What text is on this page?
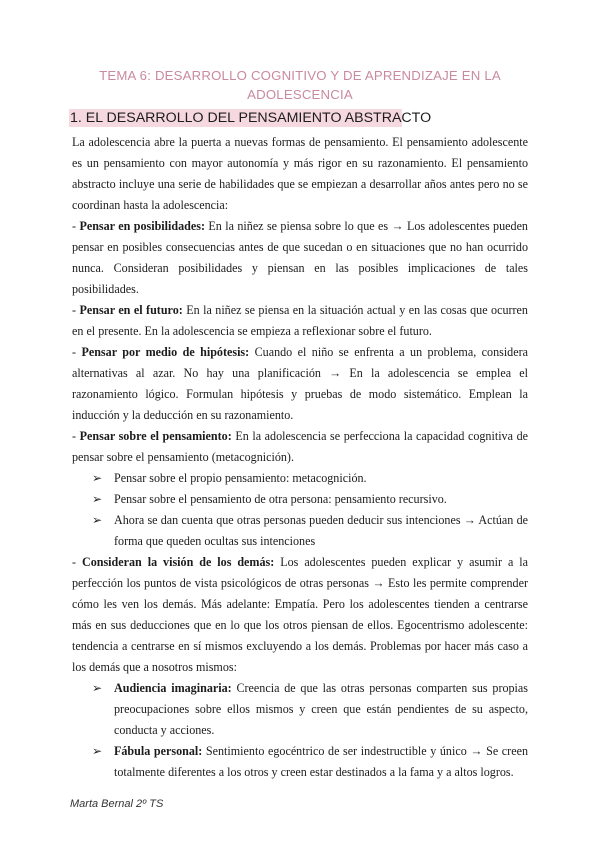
TEMA 6: DESARROLLO COGNITIVO Y DE APRENDIZAJE EN LA ADOLESCENCIA
1. EL DESARROLLO DEL PENSAMIENTO ABSTRACTO

La adolescencia abre la puerta a nuevas formas de pensamiento. El pensamiento adolescente es un pensamiento con mayor autonomía y más rigor en su razonamiento. El pensamiento abstracto incluye una serie de habilidades que se empiezan a desarrollar años antes pero no se coordinan hasta la adolescencia:

- Pensar en posibilidades: En la niñez se piensa sobre lo que es → Los adolescentes pueden pensar en posibles consecuencias antes de que sucedan o en situaciones que no han ocurrido nunca. Consideran posibilidades y piensan en las posibles implicaciones de tales posibilidades.

- Pensar en el futuro: En la niñez se piensa en la situación actual y en las cosas que ocurren en el presente. En la adolescencia se empieza a reflexionar sobre el futuro.

- Pensar por medio de hipótesis: Cuando el niño se enfrenta a un problema, considera alternativas al azar. No hay una planificación → En la adolescencia se emplea el razonamiento lógico. Formulan hipótesis y pruebas de modo sistemático. Emplean la inducción y la deducción en su razonamiento.

- Pensar sobre el pensamiento: En la adolescencia se perfecciona la capacidad cognitiva de pensar sobre el pensamiento (metacognición).

➢ Pensar sobre el propio pensamiento: metacognición.
➢ Pensar sobre el pensamiento de otra persona: pensamiento recursivo.
➢ Ahora se dan cuenta que otras personas pueden deducir sus intenciones → Actúan de forma que queden ocultas sus intenciones

- Consideran la visión de los demás: Los adolescentes pueden explicar y asumir a la perfección los puntos de vista psicológicos de otras personas → Esto les permite comprender cómo les ven los demás. Más adelante: Empatía. Pero los adolescentes tienden a centrarse más en sus deducciones que en lo que los otros piensan de ellos. Egocentrismo adolescente: tendencia a centrarse en sí mismos excluyendo a los demás. Problemas por hacer más caso a los demás que a nosotros mismos:

➢ Audiencia imaginaria: Creencia de que las otras personas comparten sus propias preocupaciones sobre ellos mismos y creen que están pendientes de su aspecto, conducta y acciones.
➢ Fábula personal: Sentimiento egocéntrico de ser indestructible y único → Se creen totalmente diferentes a los otros y creen estar destinados a la fama y a altos logros.
Marta Bernal 2º TS
